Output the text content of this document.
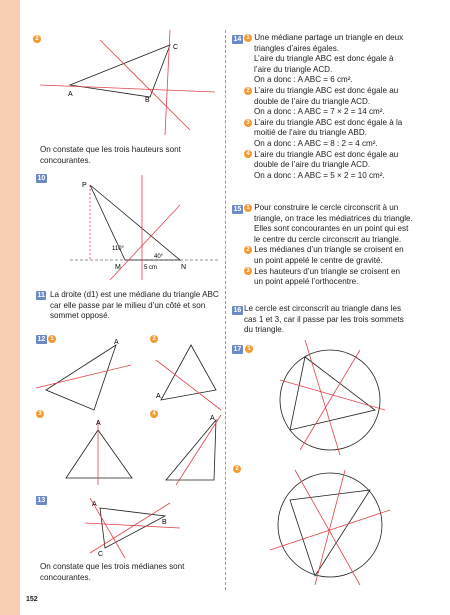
2
A
B
C
On constate que les trois hauteurs sont concourantes.
10
P
M	N
110°
40°
5 cm
11 La droite (d1) est une médiane du triangle ABC car elle passe par le milieu d’un côté et son sommet opposé.
12 1	2
3	4
A
A
A
A
13
A
B
C
On constate que les trois médianes sont concourantes.
152
14 1 Une médiane partage un triangle en deux
triangles d’aires égales.
L’aire du triangle ABC est donc égale à
l’aire du triangle ACD.
On a donc : A ABC = 6 cm².
2 L’aire du triangle ABC est donc égale au
double de l’aire du triangle ACD.
On a donc : A ABC = 7 × 2 = 14 cm².
3 L’aire du triangle ABC est donc égale à la
moitié de l’aire du triangle ABD.
On a donc : A ABC = 8 : 2 = 4 cm².
4 L’aire du triangle ABC est donc égale au
double de l’aire du triangle ACD.
On a donc : A ABC = 5 × 2 = 10 cm².
15 1 Pour construire le cercle circonscrit à un
triangle, on trace les médiatrices du triangle.
Elles sont concourantes en un point qui est
le centre du cercle circonscrit au triangle.
2 Les médianes d’un triangle se croisent en
un point appelé le centre de gravité.
3 Les hauteurs d’un triangle se croisent en
un point appelé l’orthocentre.
16 Le cercle est circonscrit au triangle dans les
cas 1 et 3, car il passe par les trois sommets
du triangle.
17	1
2
